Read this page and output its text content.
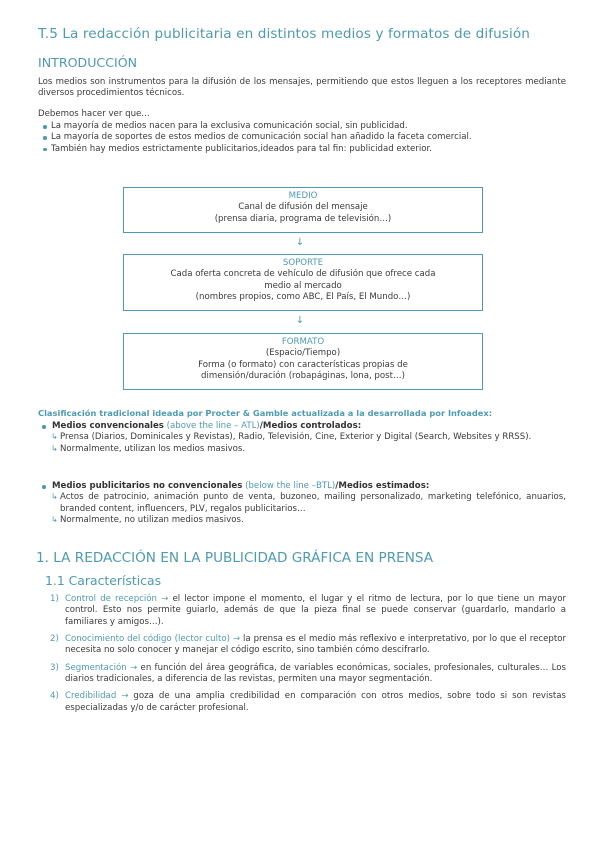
T.5 La redacción publicitaria en distintos medios y formatos de difusión
INTRODUCCIÓN
Los medios son instrumentos para la difusión de los mensajes, permitiendo que estos lleguen a los receptores mediante diversos procedimientos técnicos.
Debemos hacer ver que…
La mayoría de medios nacen para la exclusiva comunicación social, sin publicidad.
La mayoría de soportes de estos medios de comunicación social han añadido la faceta comercial.
También hay medios estrictamente publicitarios,ideados para tal fin: publicidad exterior.
MEDIO
Canal de difusión del mensaje
(prensa diaria, programa de televisión…)
↓
SOPORTE
Cada oferta concreta de vehículo de difusión que ofrece cada
medio al mercado
(nombres propios, como ABC, El País, El Mundo…)
↓
FORMATO
(Espacio/Tiempo)
Forma (o formato) con características propias de
dimensión/duración (robapáginas, lona, post…)
Clasificación tradicional ideada por Procter & Gamble actualizada a la desarrollada por Infoadex:
Medios convencionales (above the line – ATL)/Medios controlados:
↳ Prensa (Diarios, Dominicales y Revistas), Radio, Televisión, Cine, Exterior y Digital (Search, Websites y RRSS).
↳ Normalmente, utilizan los medios masivos.
Medios publicitarios no convencionales (below the line –BTL)/Medios estimados:
↳ Actos de patrocinio, animación punto de venta, buzoneo, mailing personalizado, marketing telefónico, anuarios, branded content, influencers, PLV, regalos publicitarios…
↳ Normalmente, no utilizan medios masivos.
1. LA REDACCIÓN EN LA PUBLICIDAD GRÁFICA EN PRENSA
1.1 Características
1) Control de recepción → el lector impone el momento, el lugar y el ritmo de lectura, por lo que tiene un mayor control. Esto nos permite guiarlo, además de que la pieza final se puede conservar (guardarlo, mandarlo a familiares y amigos…).
2) Conocimiento del código (lector culto) → la prensa es el medio más reflexivo e interpretativo, por lo que el receptor necesita no solo conocer y manejar el código escrito, sino también cómo descifrarlo.
3) Segmentación → en función del área geográfica, de variables económicas, sociales, profesionales, culturales… Los diarios tradicionales, a diferencia de las revistas, permiten una mayor segmentación.
4) Credibilidad → goza de una amplia credibilidad en comparación con otros medios, sobre todo si son revistas especializadas y/o de carácter profesional.
